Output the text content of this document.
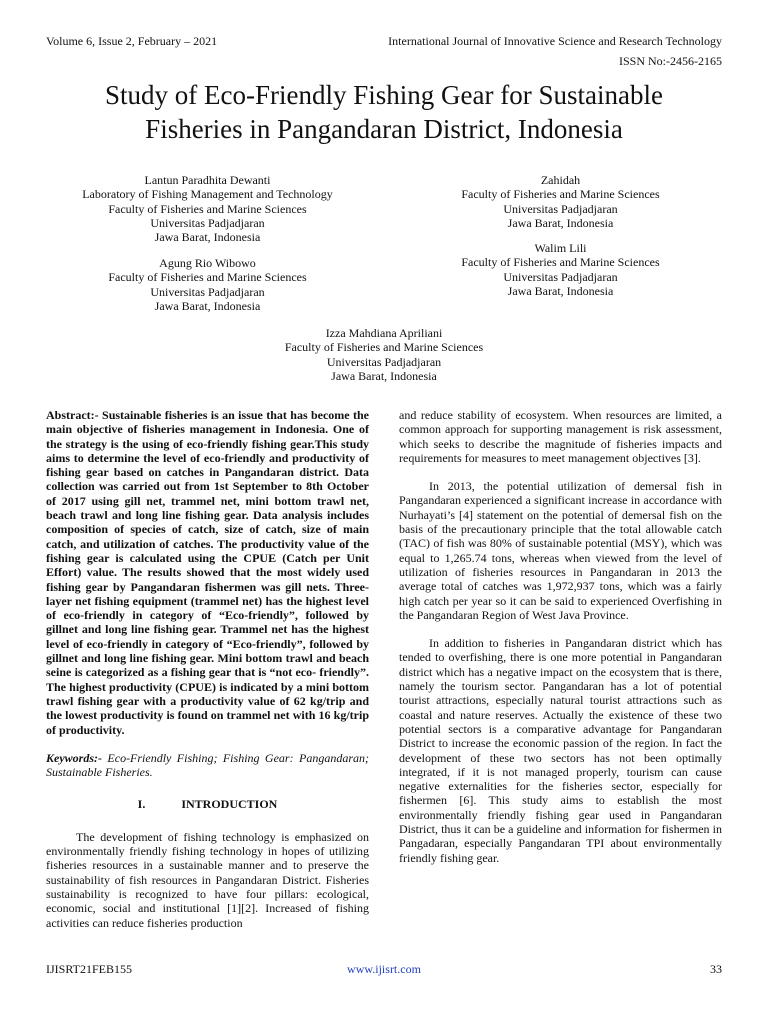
Volume 6, Issue 2, February – 2021	International Journal of Innovative Science and Research Technology
ISSN No:-2456-2165
Study of Eco-Friendly Fishing Gear for Sustainable
Fisheries in Pangandaran District, Indonesia
Lantun Paradhita Dewanti
Laboratory of Fishing Management and Technology
Faculty of Fisheries and Marine Sciences
Universitas Padjadjaran
Jawa Barat, Indonesia
Agung Rio Wibowo
Faculty of Fisheries and Marine Sciences
Universitas Padjadjaran
Jawa Barat, Indonesia
Zahidah
Faculty of Fisheries and Marine Sciences
Universitas Padjadjaran
Jawa Barat, Indonesia
Walim Lili
Faculty of Fisheries and Marine Sciences
Universitas Padjadjaran
Jawa Barat, Indonesia
Izza Mahdiana Apriliani
Faculty of Fisheries and Marine Sciences
Universitas Padjadjaran
Jawa Barat, Indonesia

Abstract:- Sustainable fisheries is an issue that has become the main objective of fisheries management in Indonesia. One of the strategy is the using of eco-friendly fishing gear.This study aims to determine the level of eco-friendly and productivity of fishing gear based on catches in Pangandaran district. Data collection was carried out from 1st September to 8th October of 2017 using gill net, trammel net, mini bottom trawl net, beach trawl and long line fishing gear. Data analysis includes composition of species of catch, size of catch, size of main catch, and utilization of catches. The productivity value of the fishing gear is calculated using the CPUE (Catch per Unit Effort) value. The results showed that the most widely used fishing gear by Pangandaran fishermen was gill nets. Three-layer net fishing equipment (trammel net) has the highest level of eco-friendly in category of “Eco-friendly”, followed by gillnet and long line fishing gear. Trammel net has the highest level of eco-friendly in category of “Eco-friendly”, followed by gillnet and long line fishing gear. Mini bottom trawl and beach seine is categorized as a fishing gear that is “not eco- friendly”. The highest productivity (CPUE) is indicated by a mini bottom trawl fishing gear with a productivity value of 62 kg/trip and the lowest productivity is found on trammel net with 16 kg/trip of productivity.

Keywords:- Eco-Friendly Fishing; Fishing Gear: Pangandaran; Sustainable Fisheries.

I.	INTRODUCTION

The development of fishing technology is emphasized on environmentally friendly fishing technology in hopes of utilizing fisheries resources in a sustainable manner and to preserve the sustainability of fish resources in Pangandaran District. Fisheries sustainability is recognized to have four pillars: ecological, economic, social and institutional [1][2]. Increased of fishing activities can reduce fisheries production

and reduce stability of ecosystem. When resources are limited, a common approach for supporting management is risk assessment, which seeks to describe the magnitude of fisheries impacts and requirements for measures to meet management objectives [3].

In 2013, the potential utilization of demersal fish in Pangandaran experienced a significant increase in accordance with Nurhayati’s [4] statement on the potential of demersal fish on the basis of the precautionary principle that the total allowable catch (TAC) of fish was 80% of sustainable potential (MSY), which was equal to 1,265.74 tons, whereas when viewed from the level of utilization of fisheries resources in Pangandaran in 2013 the average total of catches was 1,972,937 tons, which was a fairly high catch per year so it can be said to experienced Overfishing in the Pangandaran Region of West Java Province.

In addition to fisheries in Pangandaran district which has tended to overfishing, there is one more potential in Pangandaran district which has a negative impact on the ecosystem that is there, namely the tourism sector. Pangandaran has a lot of potential tourist attractions, especially natural tourist attractions such as coastal and nature reserves. Actually the existence of these two potential sectors is a comparative advantage for Pangandaran District to increase the economic passion of the region. In fact the development of these two sectors has not been optimally integrated, if it is not managed properly, tourism can cause negative externalities for the fisheries sector, especially for fishermen [6]. This study aims to establish the most environmentally friendly fishing gear used in Pangandaran District, thus it can be a guideline and information for fishermen in Pangadaran, especially Pangandaran TPI about environmentally friendly fishing gear.

IJISRT21FEB155	www.ijisrt.com	33
